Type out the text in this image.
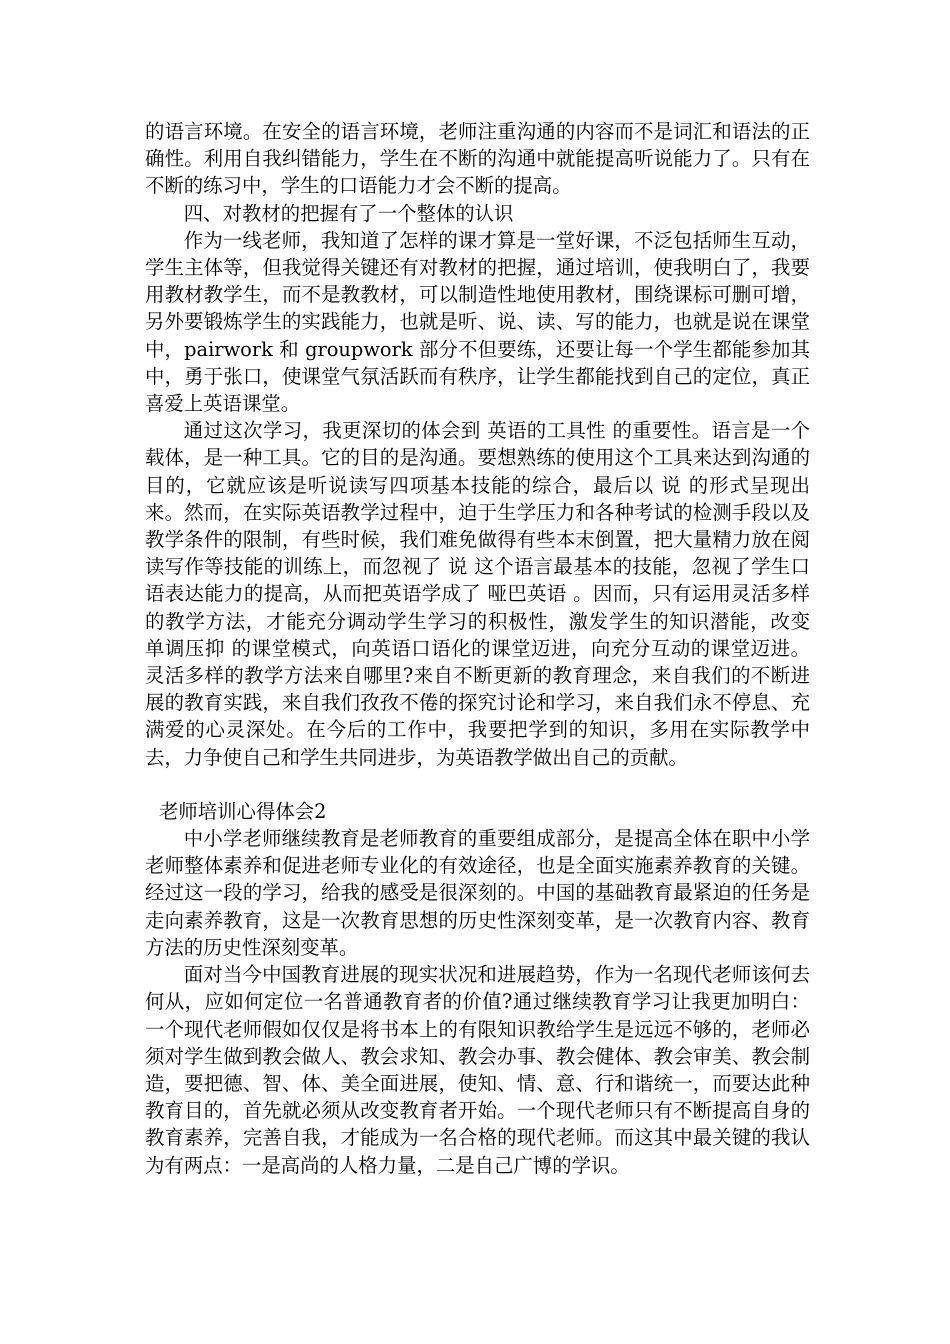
的语言环境。在安全的语言环境，老师注重沟通的内容而不是词汇和语法的正确性。利用自我纠错能力，学生在不断的沟通中就能提高听说能力了。只有在不断的练习中，学生的口语能力才会不断的提高。

四、对教材的把握有了一个整体的认识

作为一线老师，我知道了怎样的课才算是一堂好课，不泛包括师生互动，学生主体等，但我觉得关键还有对教材的把握，通过培训，使我明白了，我要用教材教学生，而不是教教材，可以制造性地使用教材，围绕课标可删可增，另外要锻炼学生的实践能力，也就是听、说、读、写的能力，也就是说在课堂中，pairwork 和 groupwork 部分不但要练，还要让每一个学生都能参加其中，勇于张口，使课堂气氛活跃而有秩序，让学生都能找到自己的定位，真正喜爱上英语课堂。

通过这次学习，我更深切的体会到 英语的工具性 的重要性。语言是一个载体，是一种工具。它的目的是沟通。要想熟练的使用这个工具来达到沟通的目的，它就应该是听说读写四项基本技能的综合，最后以 说 的形式呈现出来。然而，在实际英语教学过程中，迫于生学压力和各种考试的检测手段以及教学条件的限制，有些时候，我们难免做得有些本末倒置，把大量精力放在阅读写作等技能的训练上，而忽视了 说 这个语言最基本的技能，忽视了学生口语表达能力的提高，从而把英语学成了 哑巴英语 。因而，只有运用灵活多样的教学方法，才能充分调动学生学习的积极性，激发学生的知识潜能，改变 单调压抑 的课堂模式，向英语口语化的课堂迈进，向充分互动的课堂迈进。灵活多样的教学方法来自哪里?来自不断更新的教育理念，来自我们的不断进展的教育实践，来自我们孜孜不倦的探究讨论和学习，来自我们永不停息、充满爱的心灵深处。在今后的工作中，我要把学到的知识，多用在实际教学中去，力争使自己和学生共同进步，为英语教学做出自己的贡献。

老师培训心得体会2

中小学老师继续教育是老师教育的重要组成部分，是提高全体在职中小学老师整体素养和促进老师专业化的有效途径，也是全面实施素养教育的关键。经过这一段的学习，给我的感受是很深刻的。中国的基础教育最紧迫的任务是走向素养教育，这是一次教育思想的历史性深刻变革，是一次教育内容、教育方法的历史性深刻变革。

面对当今中国教育进展的现实状况和进展趋势，作为一名现代老师该何去何从，应如何定位一名普通教育者的价值?通过继续教育学习让我更加明白：一个现代老师假如仅仅是将书本上的有限知识教给学生是远远不够的，老师必须对学生做到教会做人、教会求知、教会办事、教会健体、教会审美、教会制造，要把德、智、体、美全面进展，使知、情、意、行和谐统一，而要达此种教育目的，首先就必须从改变教育者开始。一个现代老师只有不断提高自身的教育素养，完善自我，才能成为一名合格的现代老师。而这其中最关键的我认为有两点：一是高尚的人格力量，二是自己广博的学识。
